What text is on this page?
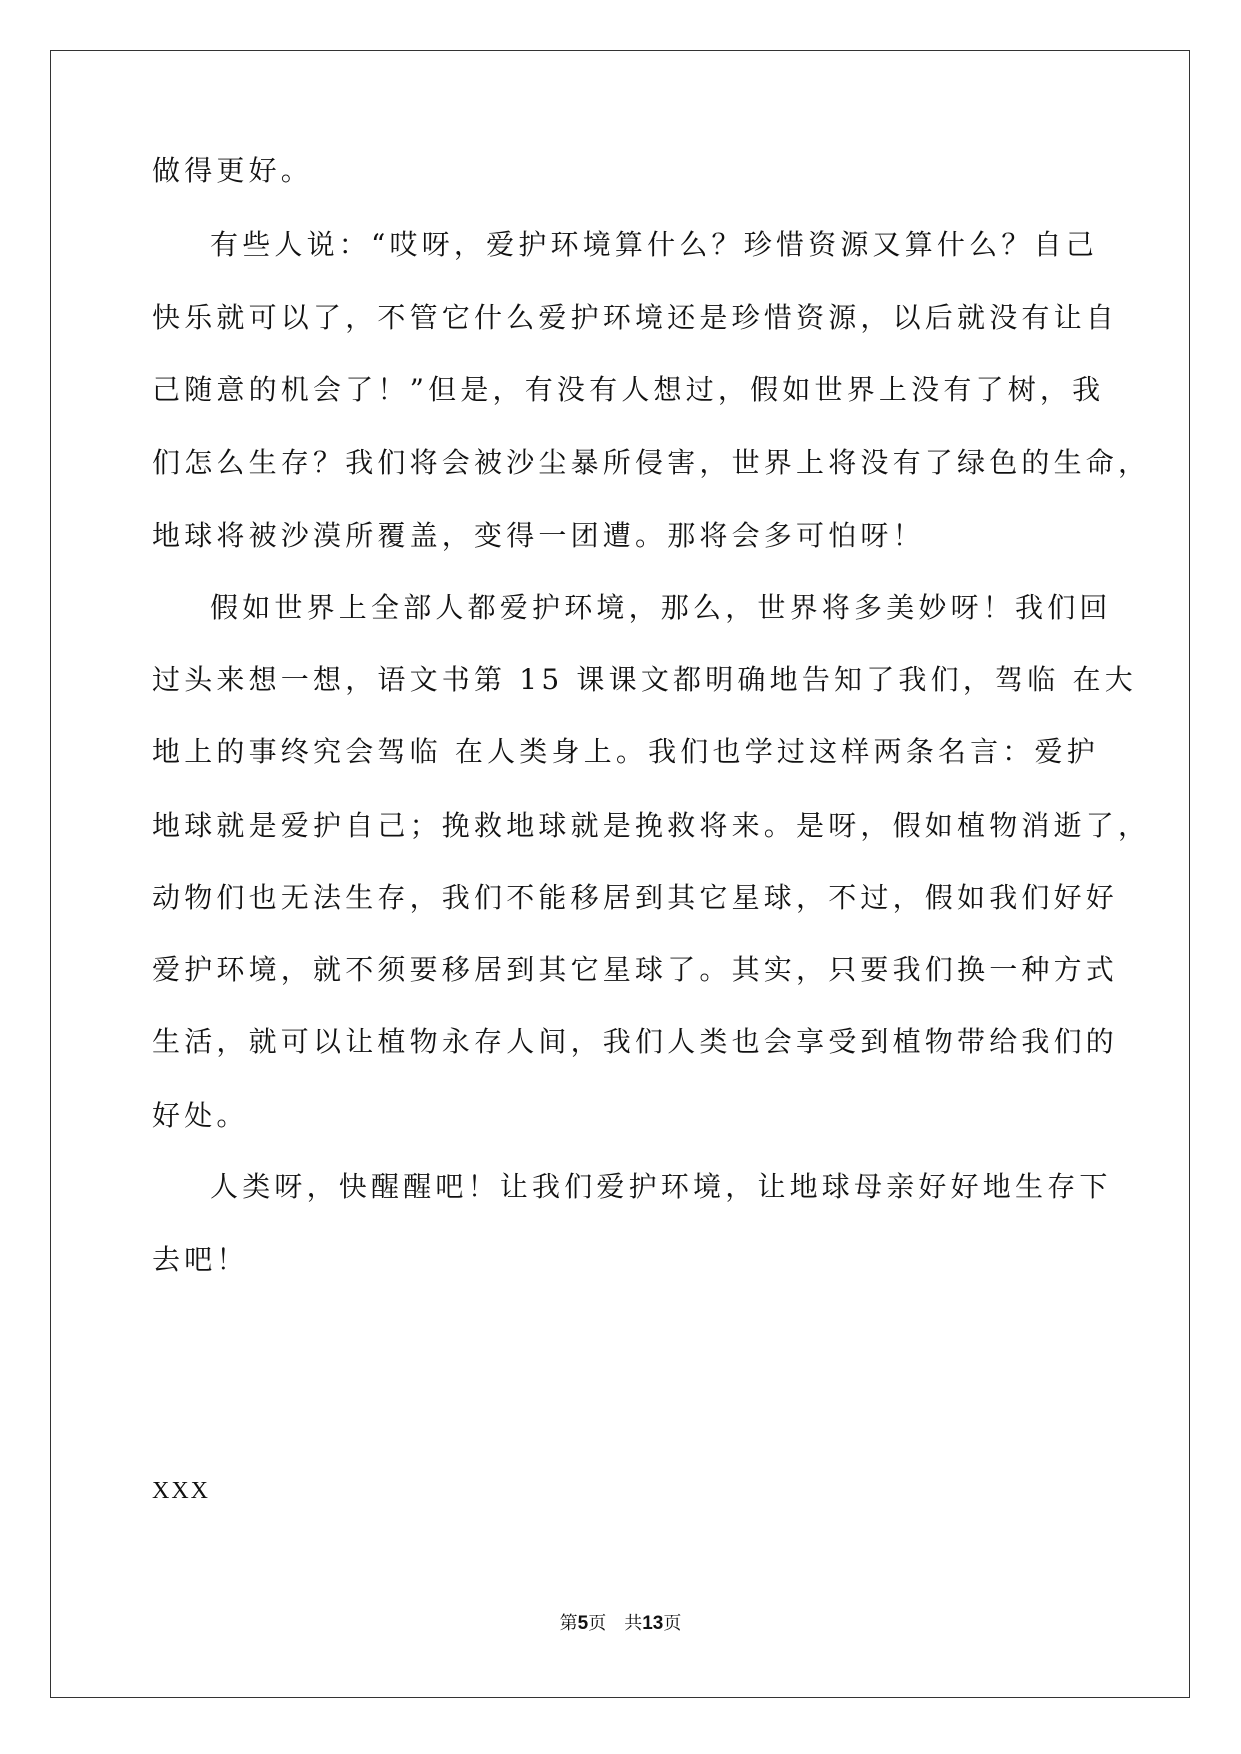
做得更好。
有些人说：“哎呀，爱护环境算什么？珍惜资源又算什么？自己
快乐就可以了，不管它什么爱护环境还是珍惜资源，以后就没有让自
己随意的机会了！”但是，有没有人想过，假如世界上没有了树，我
们怎么生存？我们将会被沙尘暴所侵害，世界上将没有了绿色的生命，
地球将被沙漠所覆盖，变得一团遭。那将会多可怕呀！
假如世界上全部人都爱护环境，那么，世界将多美妙呀！我们回
过头来想一想，语文书第 15 课课文都明确地告知了我们，驾临 在大
地上的事终究会驾临 在人类身上。我们也学过这样两条名言：爱护
地球就是爱护自己；挽救地球就是挽救将来。是呀，假如植物消逝了，
动物们也无法生存，我们不能移居到其它星球，不过，假如我们好好
爱护环境，就不须要移居到其它星球了。其实，只要我们换一种方式
生活，就可以让植物永存人间，我们人类也会享受到植物带给我们的
好处。
人类呀，快醒醒吧！让我们爱护环境，让地球母亲好好地生存下
去吧！
XXX
第5页 共13页
